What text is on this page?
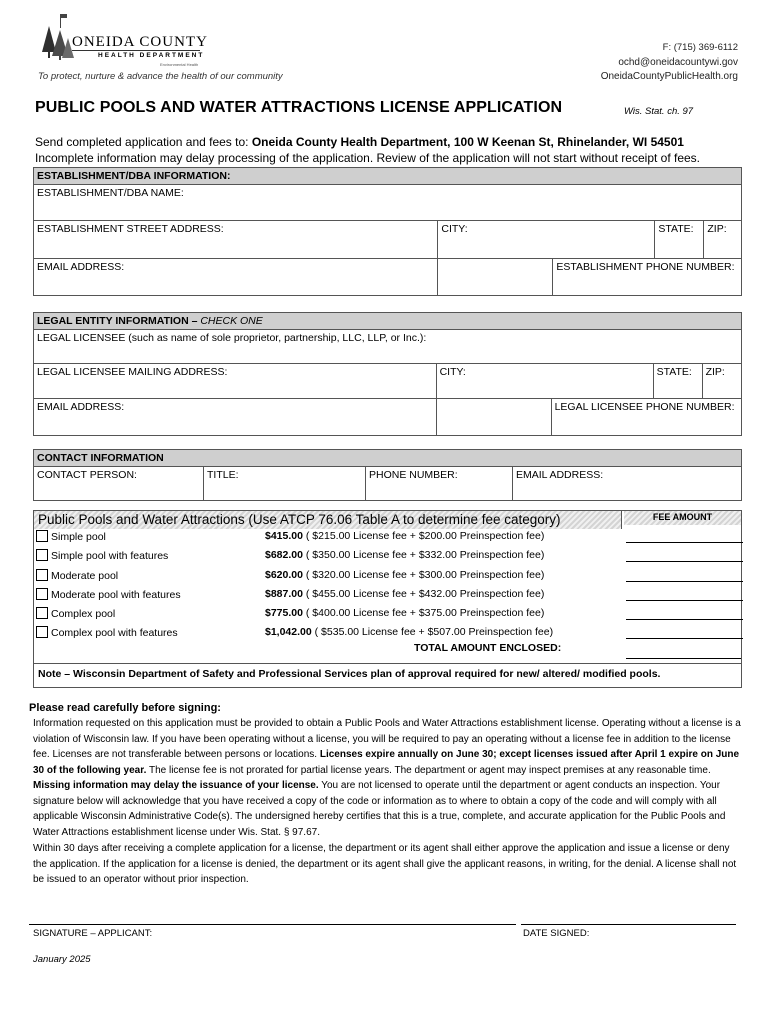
ONEIDA COUNTY
HEALTH DEPARTMENT
Environmental Health
To protect, nurture & advance the health of our community
F: (715) 369-6112
ochd@oneidacountywi.gov
OneidaCountyPublicHealth.org
PUBLIC POOLS AND WATER ATTRACTIONS LICENSE APPLICATION	Wis. Stat. ch. 97
Send completed application and fees to: Oneida County Health Department, 100 W Keenan St, Rhinelander, WI 54501
Incomplete information may delay processing of the application. Review of the application will not start without receipt of fees.
ESTABLISHMENT/DBA INFORMATION:			
ESTABLISHMENT/DBA NAME:			
ESTABLISHMENT STREET ADDRESS:	CITY:	STATE:	ZIP:
EMAIL ADDRESS:	ESTABLISHMENT PHONE NUMBER:		
LEGAL ENTITY INFORMATION – CHECK ONE			
LEGAL LICENSEE (such as name of sole proprietor, partnership, LLC, LLP, or Inc.):			
LEGAL LICENSEE MAILING ADDRESS:	CITY:	STATE:	ZIP:
EMAIL ADDRESS:	LEGAL LICENSEE PHONE NUMBER:		
CONTACT INFORMATION
CONTACT PERSON:	TITLE:	PHONE NUMBER:	EMAIL ADDRESS:
Public Pools and Water Attractions (Use ATCP 76.06 Table A to determine fee category)	FEE AMOUNT
Simple pool	$415.00 ( $215.00 License fee + $200.00 Preinspection fee)
Simple pool with features	$682.00 ( $350.00 License fee + $332.00 Preinspection fee)
Moderate pool	$620.00 ( $320.00 License fee + $300.00 Preinspection fee)
Moderate pool with features	$887.00 ( $455.00 License fee + $432.00 Preinspection fee)
Complex pool	$775.00 ( $400.00 License fee + $375.00 Preinspection fee)
Complex pool with features	$1,042.00 ( $535.00 License fee + $507.00 Preinspection fee)
TOTAL AMOUNT ENCLOSED:
Note – Wisconsin Department of Safety and Professional Services plan of approval required for new/ altered/ modified pools.
Please read carefully before signing:
Information requested on this application must be provided to obtain a Public Pools and Water Attractions establishment license. Operating without a license is a violation of Wisconsin law. If you have been operating without a license, you will be required to pay an operating without a license fee in addition to the license fee. Licenses are not transferable between persons or locations. Licenses expire annually on June 30; except licenses issued after April 1 expire on June 30 of the following year. The license fee is not prorated for partial license years. The department or agent may inspect premises at any reasonable time. Missing information may delay the issuance of your license. You are not licensed to operate until the department or agent conducts an inspection. Your signature below will acknowledge that you have received a copy of the code or information as to where to obtain a copy of the code and will comply with all applicable Wisconsin Administrative Code(s). The undersigned hereby certifies that this is a true, complete, and accurate application for the Public Pools and Water Attractions establishment license under Wis. Stat. § 97.67.
Within 30 days after receiving a complete application for a license, the department or its agent shall either approve the application and issue a license or deny the application. If the application for a license is denied, the department or its agent shall give the applicant reasons, in writing, for the denial. A license shall not be issued to an operator without prior inspection.
SIGNATURE – APPLICANT:	DATE SIGNED:
January 2025
